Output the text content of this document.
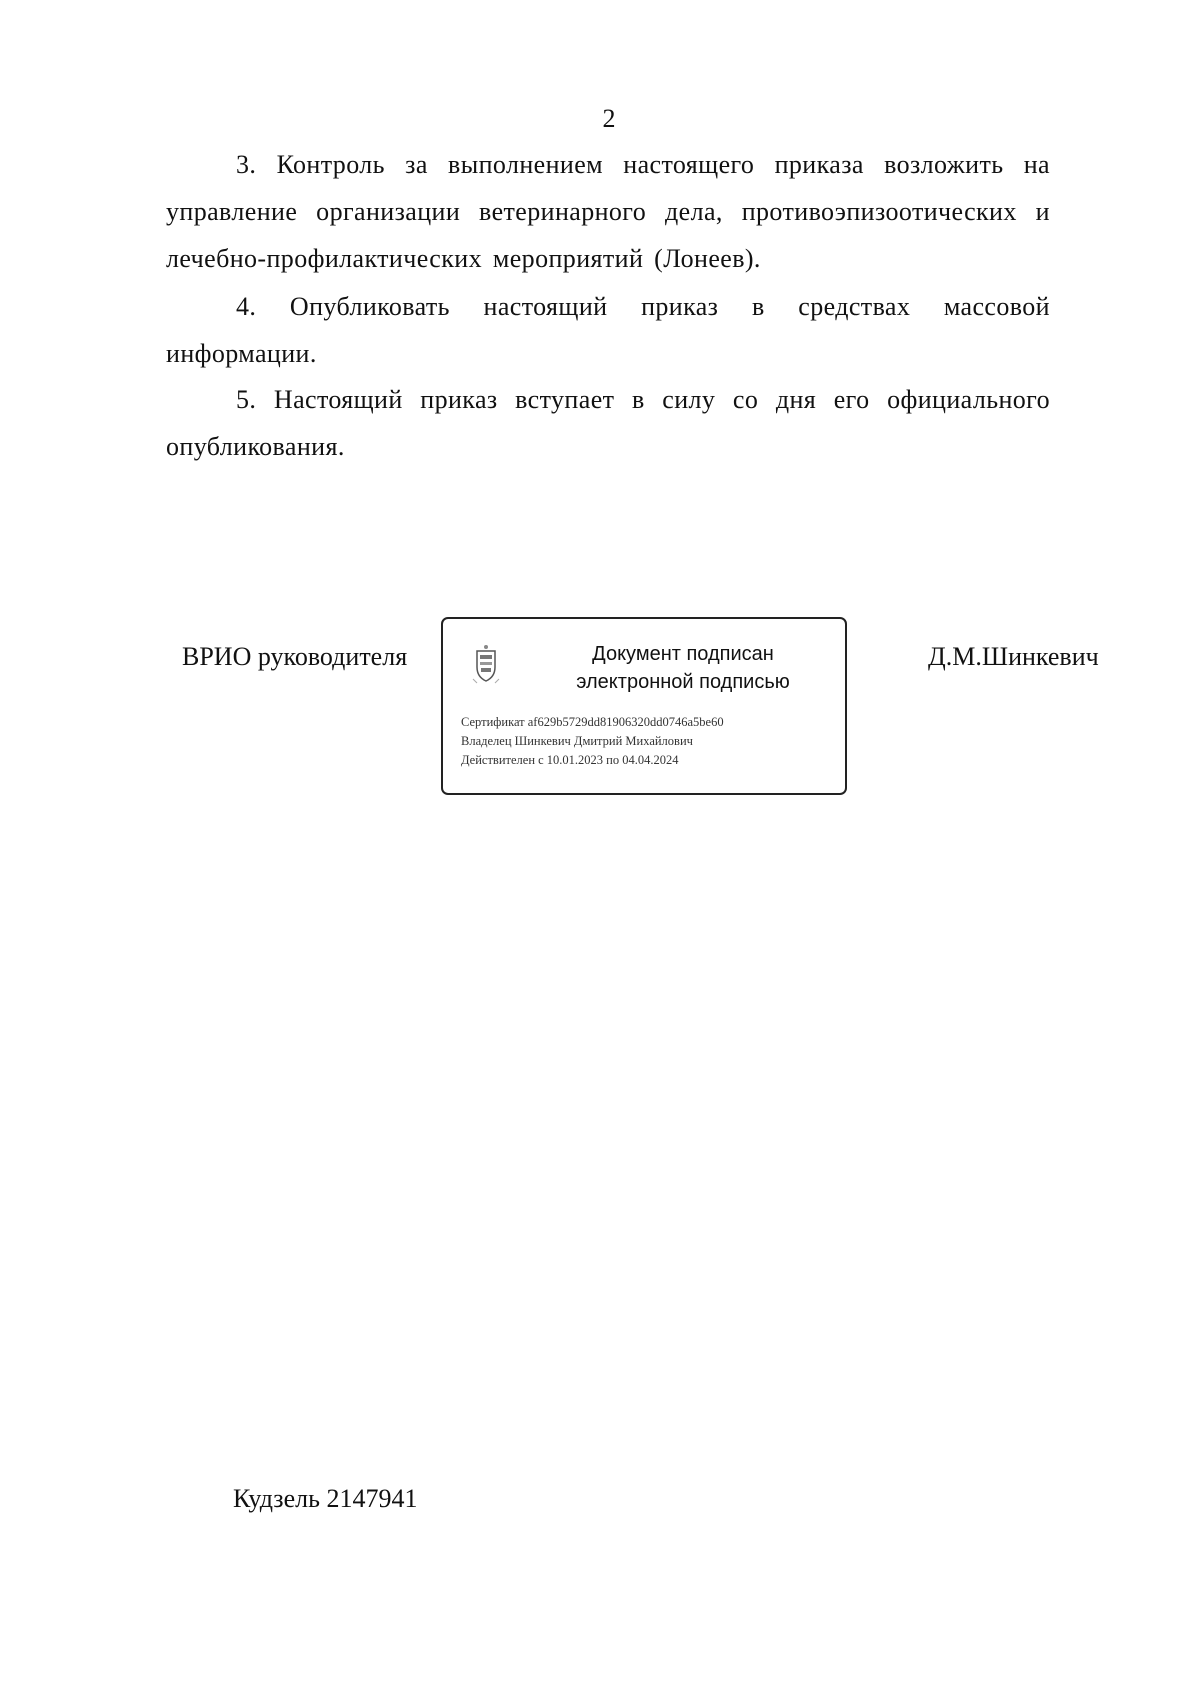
2
3. Контроль за выполнением настоящего приказа возложить на управление организации ветеринарного дела, противоэпизоотических и лечебно-профилактических мероприятий (Лонеев).
4. Опубликовать настоящий приказ в средствах массовой информации.
5. Настоящий приказ вступает в силу со дня его официального опубликования.
ВРИО руководителя	Документ подписан
электронной подписью
Сертификат af629b5729dd81906320dd0746a5be60
Владелец Шинкевич Дмитрий Михайлович
Действителен с 10.01.2023 по 04.04.2024
Д.М.Шинкевич
Кудзель 2147941
